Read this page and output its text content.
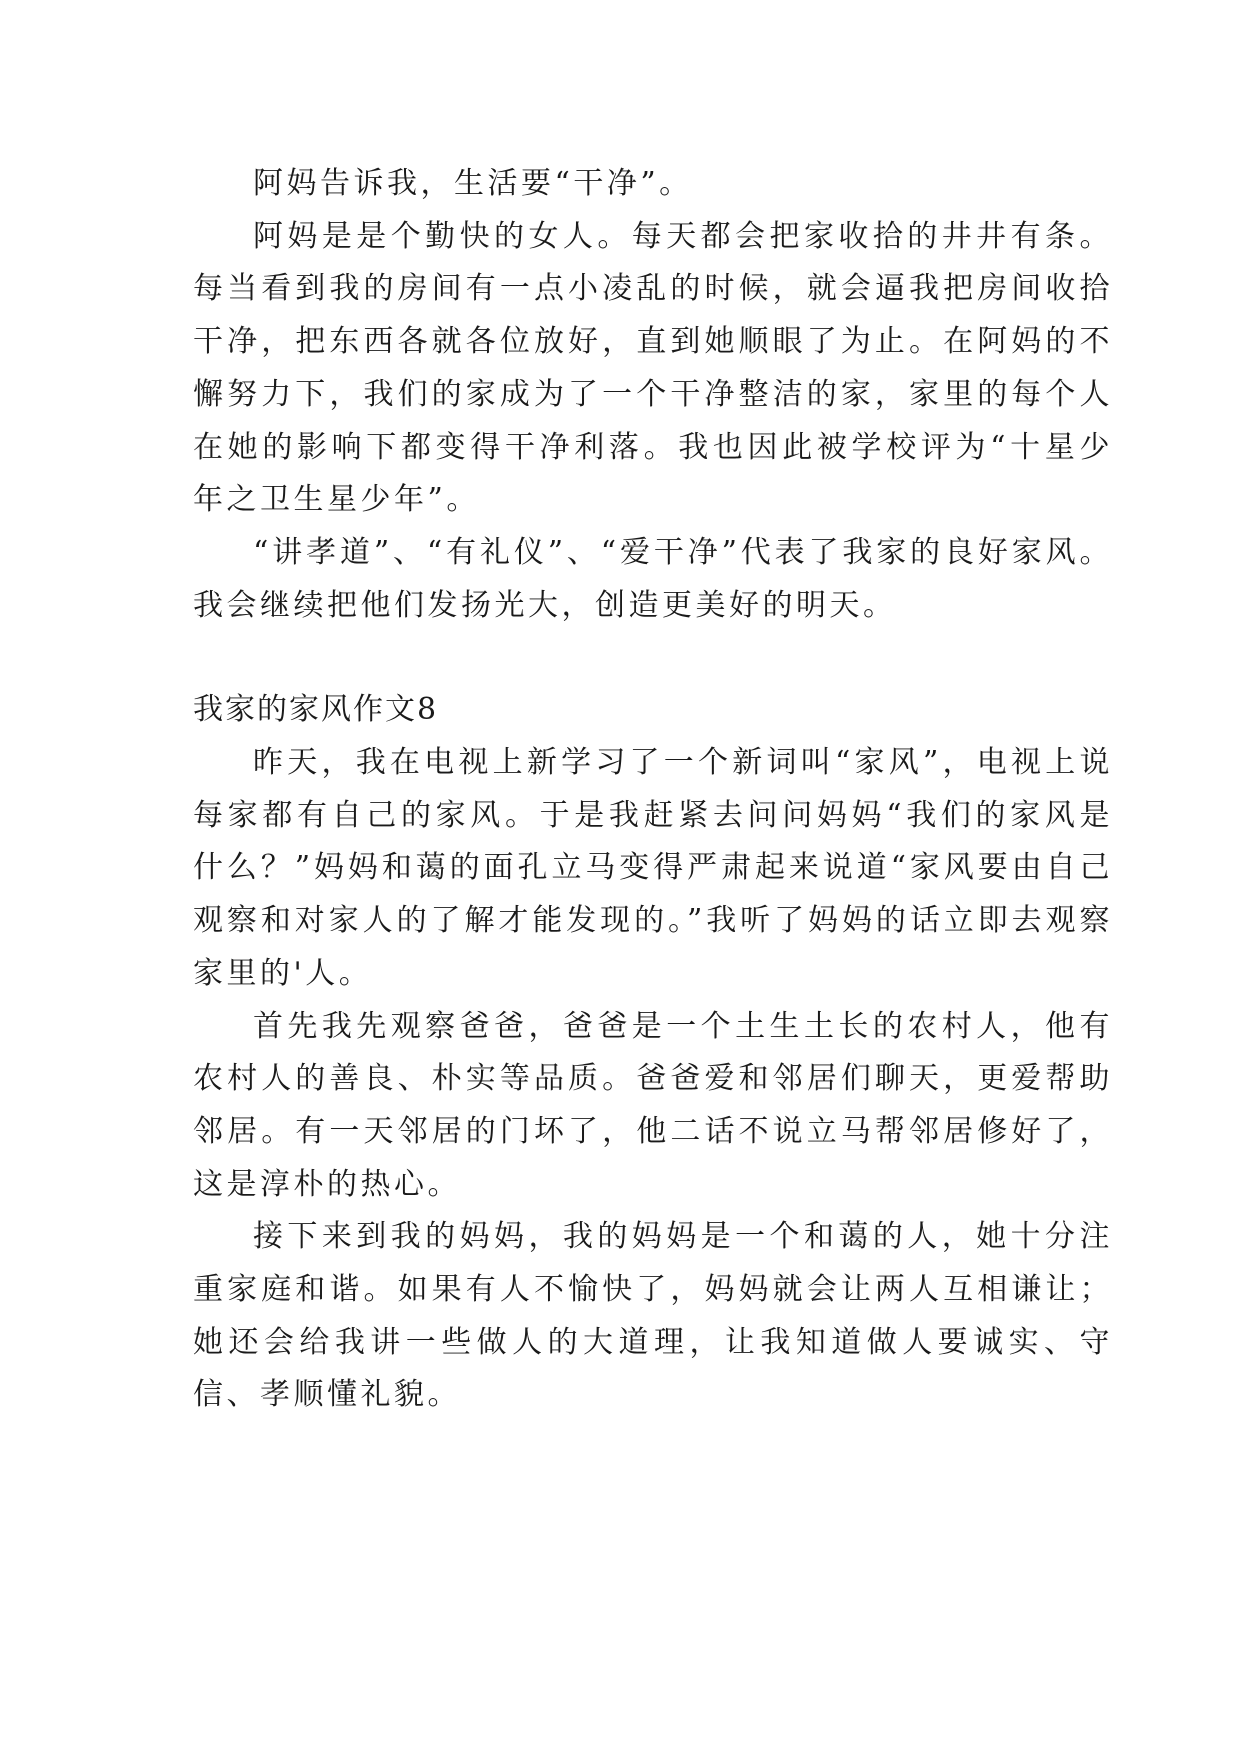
阿妈告诉我，生活要“干净”。

阿妈是是个勤快的女人。每天都会把家收拾的井井有条。每当看到我的房间有一点小凌乱的时候，就会逼我把房间收拾干净，把东西各就各位放好，直到她顺眼了为止。在阿妈的不懈努力下，我们的家成为了一个干净整洁的家，家里的每个人在她的影响下都变得干净利落。我也因此被学校评为“十星少年之卫生星少年”。

“讲孝道”、“有礼仪”、“爱干净”代表了我家的良好家风。我会继续把他们发扬光大，创造更美好的明天。

我家的家风作文8

昨天，我在电视上新学习了一个新词叫“家风”，电视上说每家都有自己的家风。于是我赶紧去问问妈妈“我们的家风是什么？”妈妈和蔼的面孔立马变得严肃起来说道“家风要由自己观察和对家人的了解才能发现的。”我听了妈妈的话立即去观察家里的'人。

首先我先观察爸爸，爸爸是一个土生土长的农村人，他有农村人的善良、朴实等品质。爸爸爱和邻居们聊天，更爱帮助邻居。有一天邻居的门坏了，他二话不说立马帮邻居修好了，这是淳朴的热心。

接下来到我的妈妈，我的妈妈是一个和蔼的人，她十分注重家庭和谐。如果有人不愉快了，妈妈就会让两人互相谦让；她还会给我讲一些做人的大道理，让我知道做人要诚实、守信、孝顺懂礼貌。
